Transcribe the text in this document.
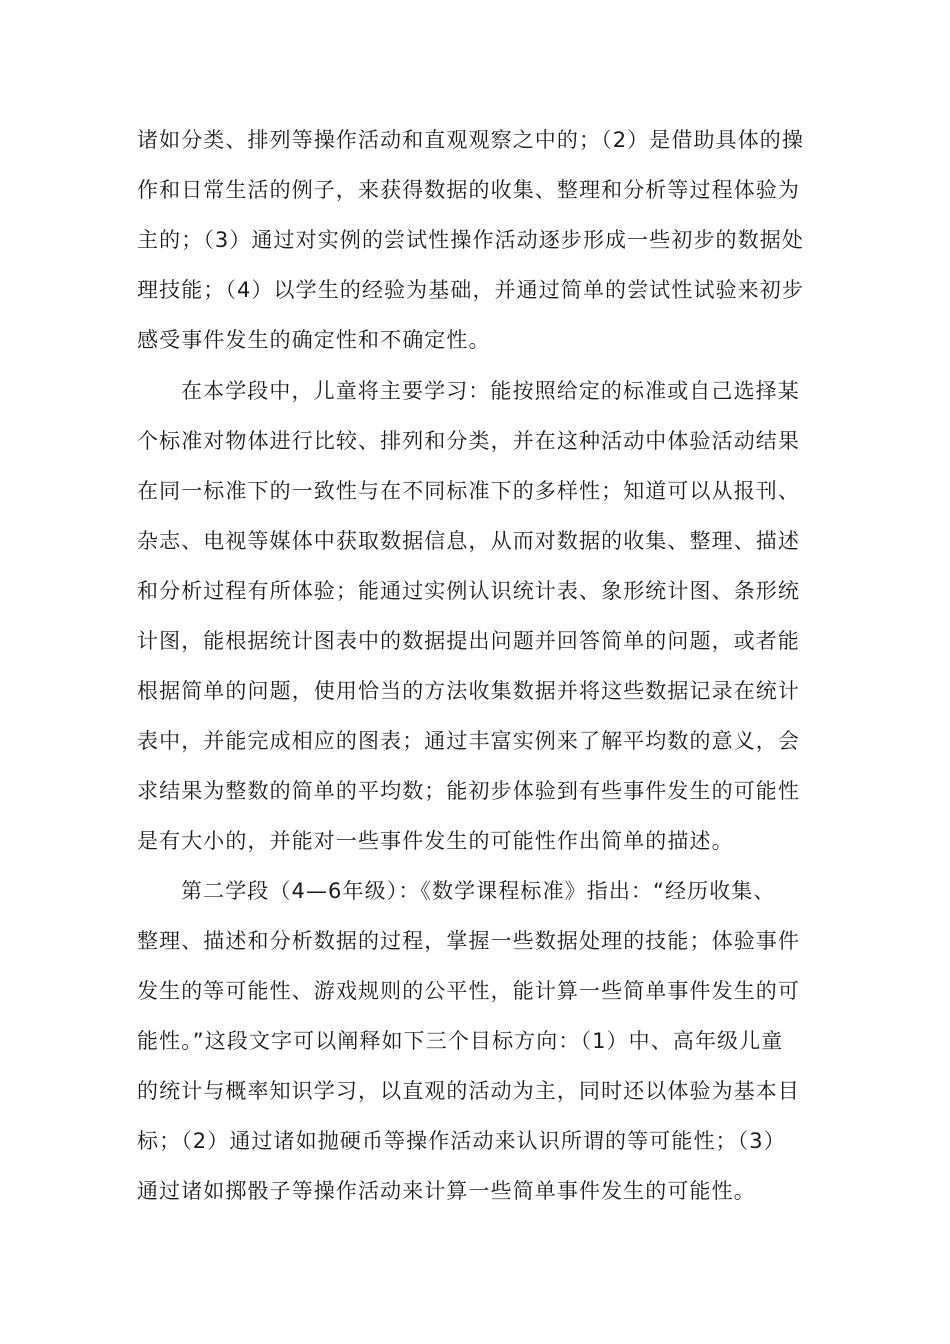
诸如分类、排列等操作活动和直观观察之中的；（2）是借助具体的操
作和日常生活的例子，来获得数据的收集、整理和分析等过程体验为
主的；（3）通过对实例的尝试性操作活动逐步形成一些初步的数据处
理技能；（4）以学生的经验为基础，并通过简单的尝试性试验来初步
感受事件发生的确定性和不确定性。
在本学段中，儿童将主要学习：能按照给定的标准或自己选择某
个标准对物体进行比较、排列和分类，并在这种活动中体验活动结果
在同一标准下的一致性与在不同标准下的多样性；知道可以从报刊、
杂志、电视等媒体中获取数据信息，从而对数据的收集、整理、描述
和分析过程有所体验；能通过实例认识统计表、象形统计图、条形统
计图，能根据统计图表中的数据提出问题并回答简单的问题，或者能
根据简单的问题，使用恰当的方法收集数据并将这些数据记录在统计
表中，并能完成相应的图表；通过丰富实例来了解平均数的意义，会
求结果为整数的简单的平均数；能初步体验到有些事件发生的可能性
是有大小的，并能对一些事件发生的可能性作出简单的描述。
第二学段（4—6年级）：《数学课程标准》指出：“经历收集、
整理、描述和分析数据的过程，掌握一些数据处理的技能；体验事件
发生的等可能性、游戏规则的公平性，能计算一些简单事件发生的可
能性。”这段文字可以阐释如下三个目标方向：（1）中、高年级儿童
的统计与概率知识学习，以直观的活动为主，同时还以体验为基本目
标；（2）通过诸如抛硬币等操作活动来认识所谓的等可能性；（3）
通过诸如掷骰子等操作活动来计算一些简单事件发生的可能性。
